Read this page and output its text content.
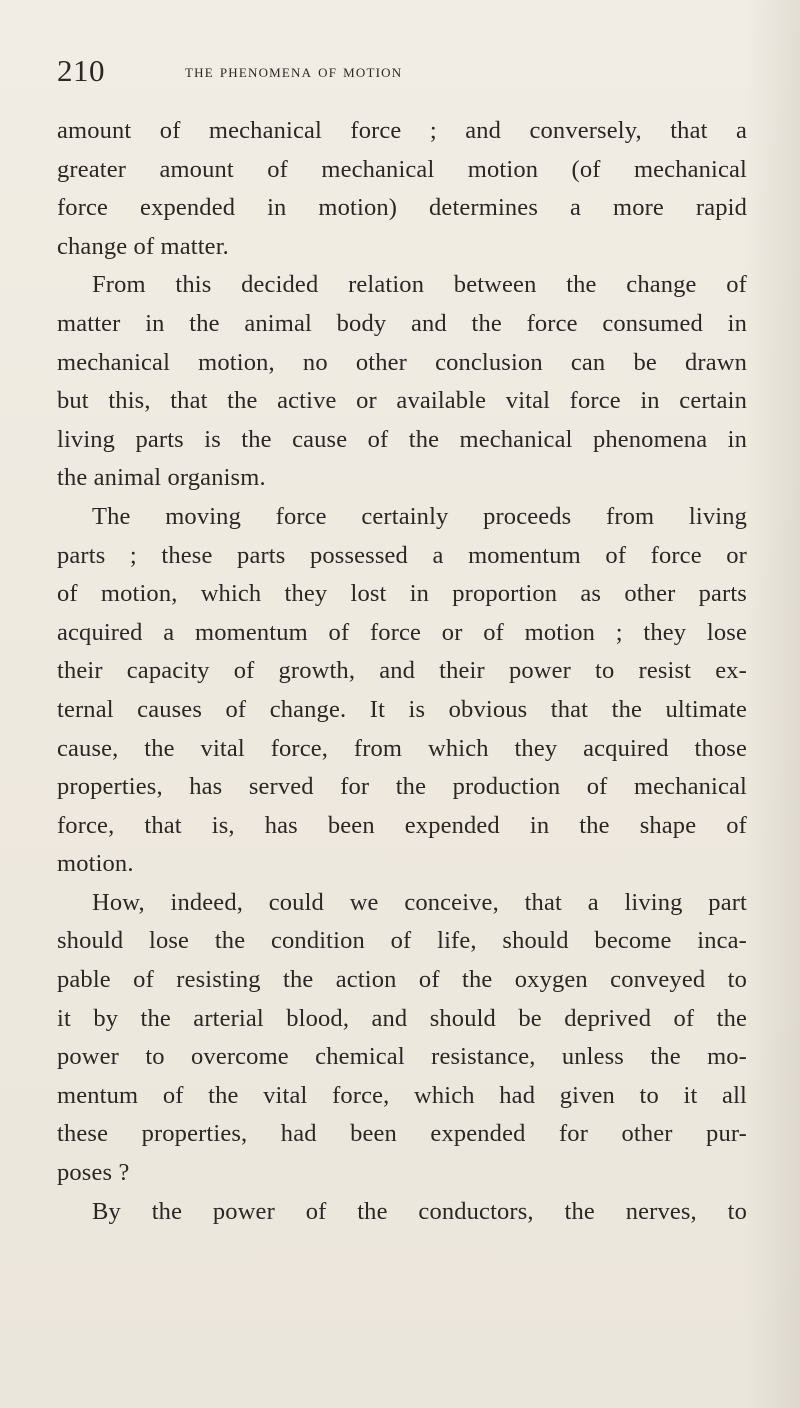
210	the phenomena of motion
amount of mechanical force ; and conversely, that a
greater amount of mechanical motion (of mechanical
force expended in motion) determines a more rapid
change of matter.
From this decided relation between the change of
matter in the animal body and the force consumed in
mechanical motion, no other conclusion can be drawn
but this, that the active or available vital force in certain
living parts is the cause of the mechanical phenomena in
the animal organism.
The moving force certainly proceeds from living
parts ; these parts possessed a momentum of force or
of motion, which they lost in proportion as other parts
acquired a momentum of force or of motion ; they lose
their capacity of growth, and their power to resist ex-
ternal causes of change. It is obvious that the ultimate
cause, the vital force, from which they acquired those
properties, has served for the production of mechanical
force, that is, has been expended in the shape of
motion.
How, indeed, could we conceive, that a living part
should lose the condition of life, should become inca-
pable of resisting the action of the oxygen conveyed to
it by the arterial blood, and should be deprived of the
power to overcome chemical resistance, unless the mo-
mentum of the vital force, which had given to it all
these properties, had been expended for other pur-
poses ?
By the power of the conductors, the nerves, to
